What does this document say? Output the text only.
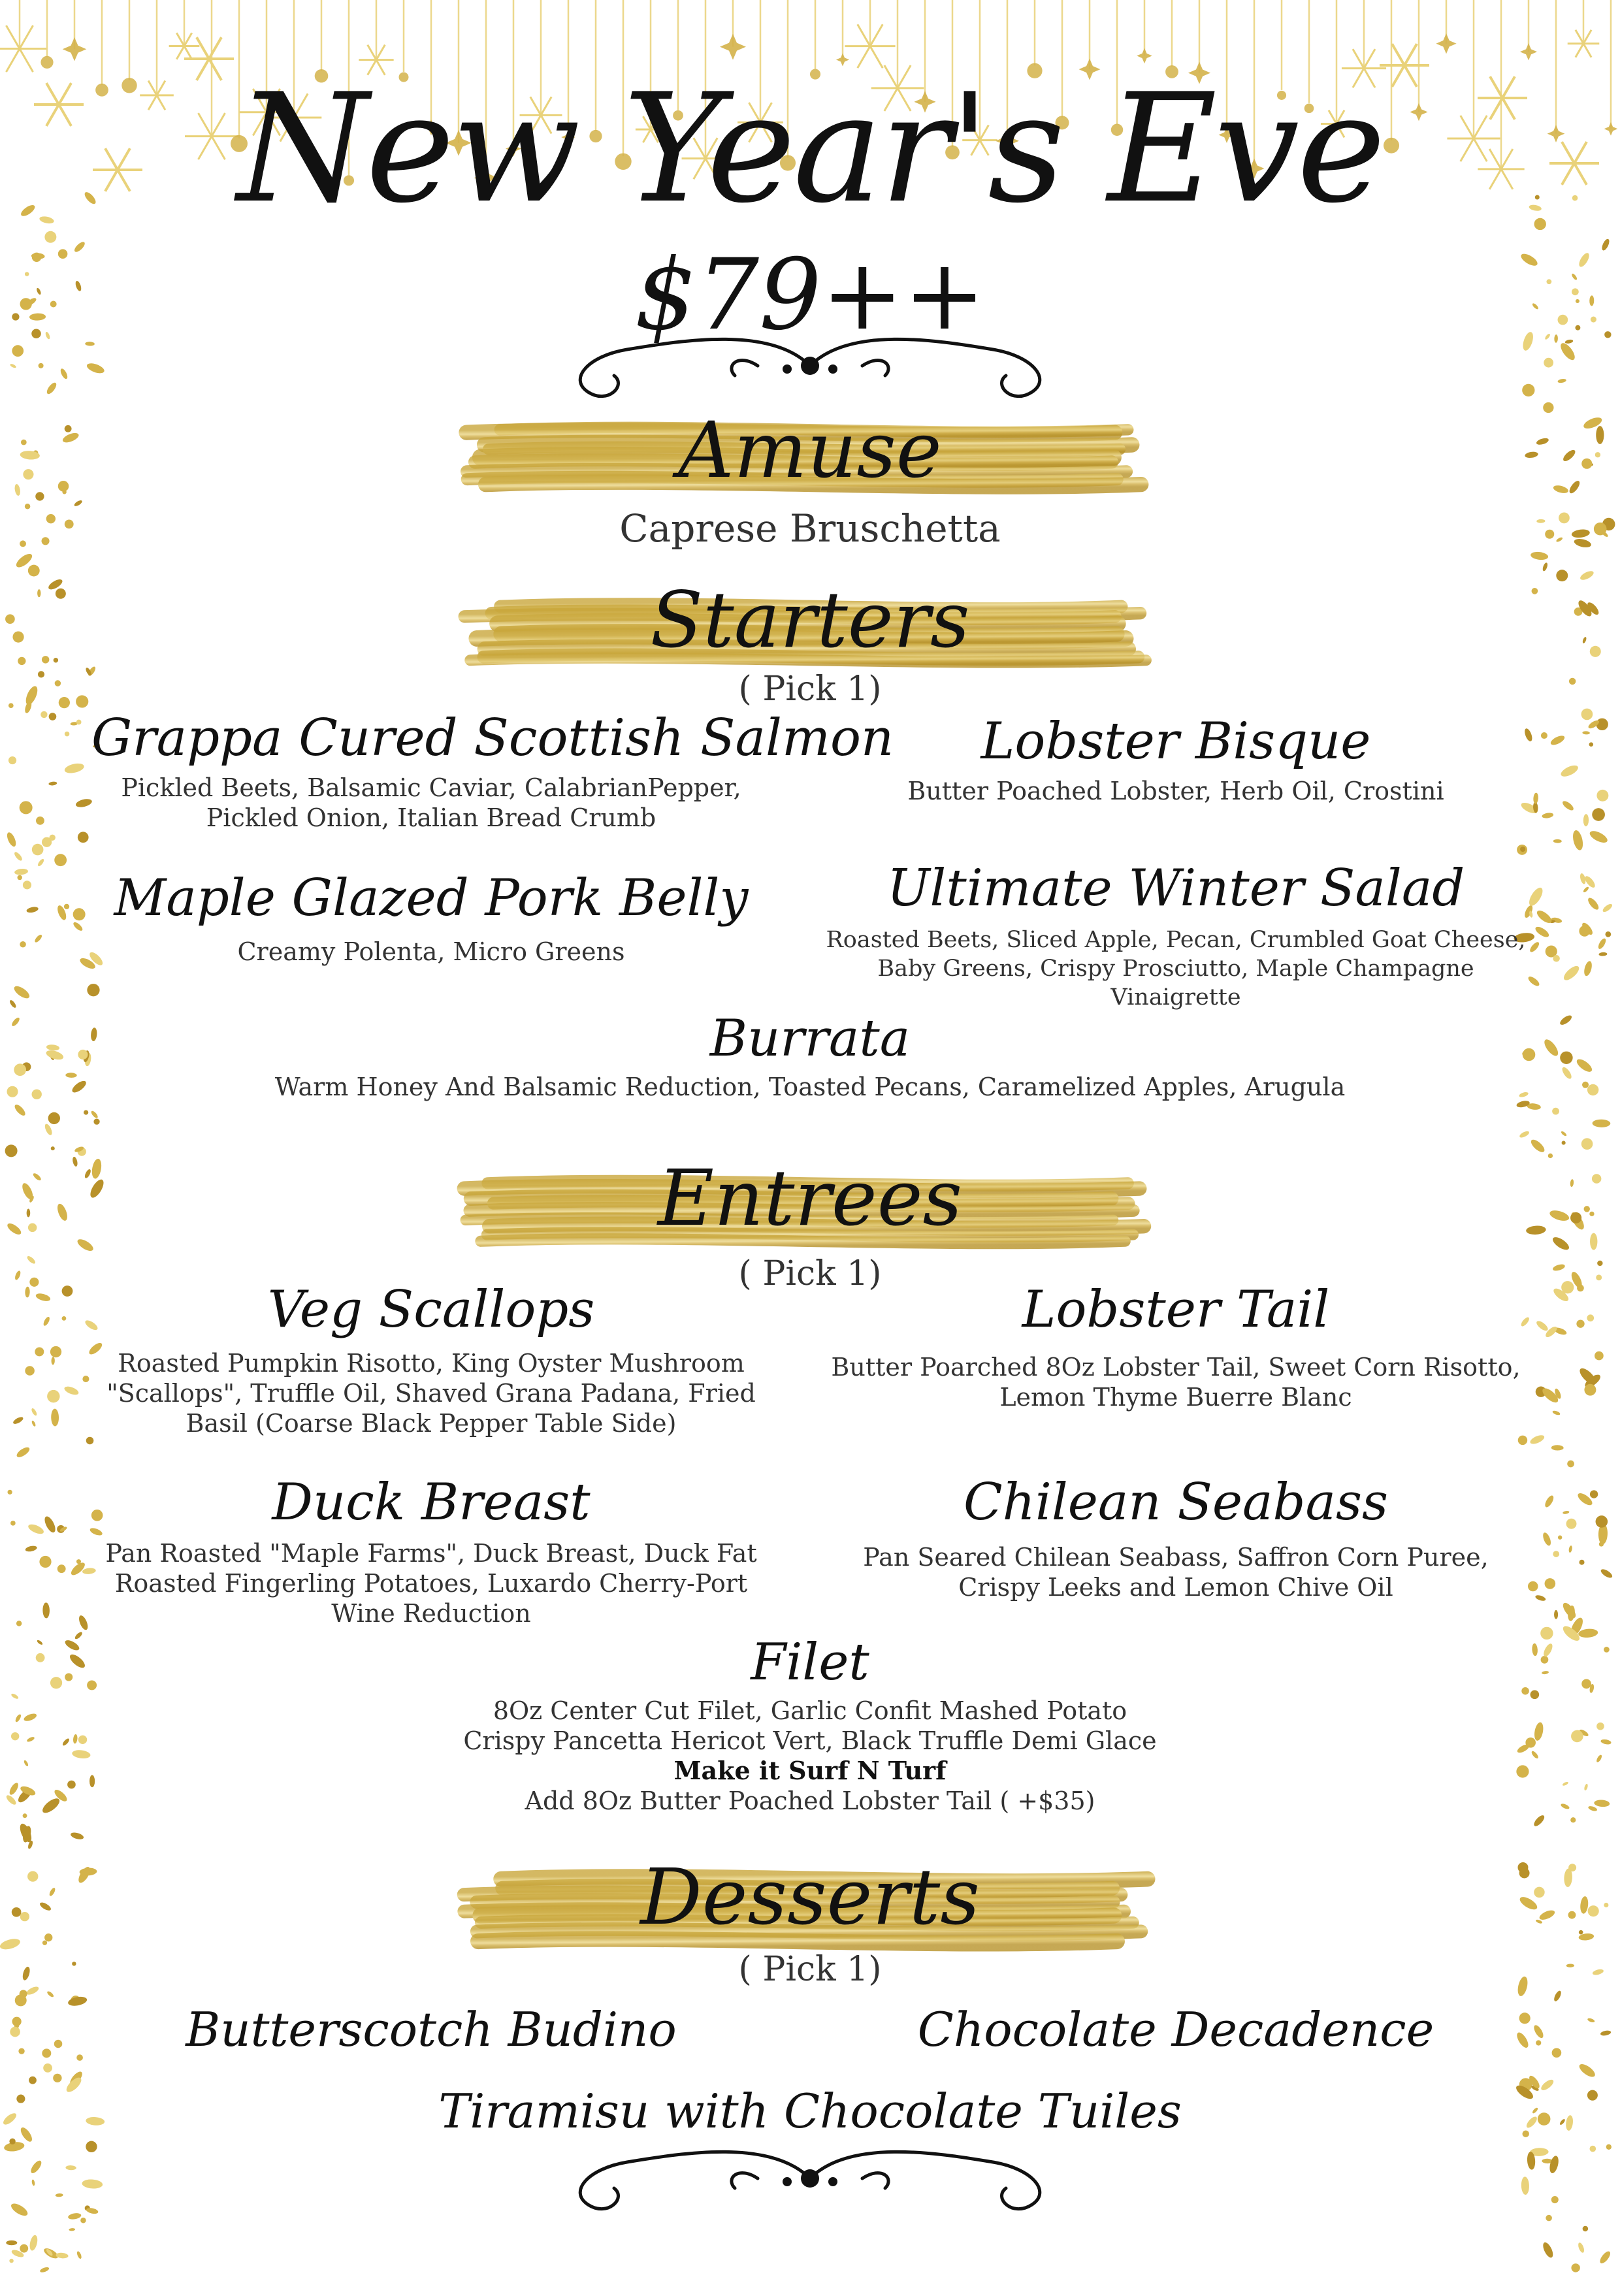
New Year's Eve
$79++
Amuse
Caprese Bruschetta
Starters
( Pick 1)
Grappa Cured Scottish Salmon
Pickled Beets, Balsamic Caviar, CalabrianPepper,
Pickled Onion, Italian Bread Crumb
Lobster Bisque
Butter Poached Lobster, Herb Oil, Crostini
Maple Glazed Pork Belly
Creamy Polenta, Micro Greens
Ultimate Winter Salad
Roasted Beets, Sliced Apple, Pecan, Crumbled Goat Cheese,
Baby Greens, Crispy Prosciutto, Maple Champagne Vinaigrette
Burrata
Warm Honey And Balsamic Reduction, Toasted Pecans, Caramelized Apples, Arugula
Entrees
( Pick 1)
Veg Scallops
Roasted Pumpkin Risotto, King Oyster Mushroom
"Scallops", Truffle Oil, Shaved Grana Padana, Fried
Basil (Coarse Black Pepper Table Side)
Lobster Tail
Butter Poarched 8Oz Lobster Tail, Sweet Corn Risotto,
Lemon Thyme Buerre Blanc
Duck Breast
Pan Roasted "Maple Farms", Duck Breast, Duck Fat
Roasted Fingerling Potatoes, Luxardo Cherry-Port
Wine Reduction
Chilean Seabass
Pan Seared Chilean Seabass, Saffron Corn Puree,
Crispy Leeks and Lemon Chive Oil
Filet
8Oz Center Cut Filet, Garlic Confit Mashed Potato
Crispy Pancetta Hericot Vert, Black Truffle Demi Glace
Make it Surf N Turf
Add 8Oz Butter Poached Lobster Tail ( +$35)
Desserts
( Pick 1)
Butterscotch Budino	Chocolate Decadence
Tiramisu with Chocolate Tuiles
